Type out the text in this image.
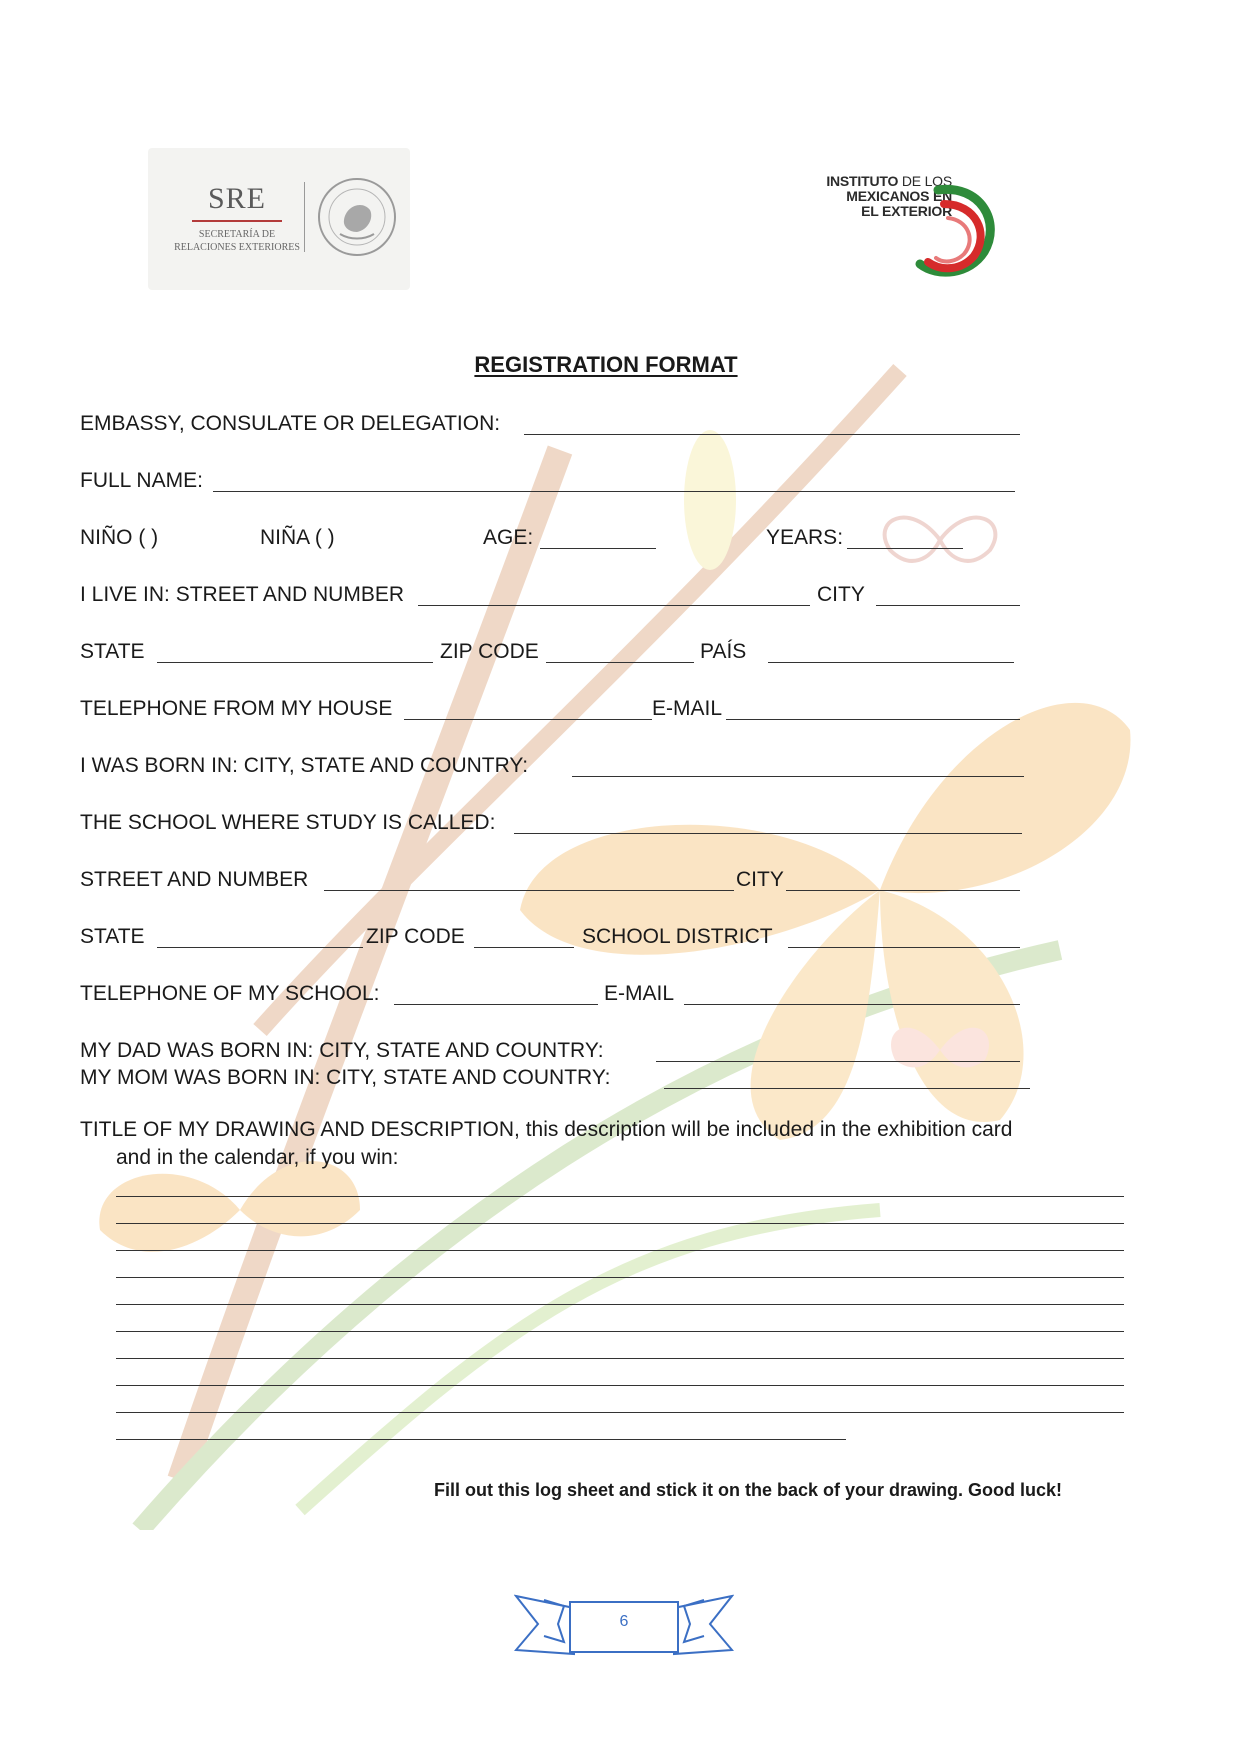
SRE
SECRETARÍA DE
RELACIONES EXTERIORES
INSTITUTO DE LOS
MEXICANOS EN
EL EXTERIOR
REGISTRATION FORMAT
EMBASSY, CONSULATE OR DELEGATION:
FULL NAME:
NIÑO ( )	NIÑA ( )	AGE:	YEARS:
I LIVE IN: STREET AND NUMBER	CITY
STATE	ZIP CODE	PAÍS
TELEPHONE FROM MY HOUSE	E-MAIL
I WAS BORN IN: CITY, STATE AND COUNTRY:
THE SCHOOL WHERE STUDY IS CALLED:
STREET AND NUMBER	CITY
STATE	ZIP CODE	SCHOOL DISTRICT
TELEPHONE OF MY SCHOOL:	E-MAIL
MY DAD WAS BORN IN: CITY, STATE AND COUNTRY:
MY MOM WAS BORN IN: CITY, STATE AND COUNTRY:
TITLE OF MY DRAWING AND DESCRIPTION, this description will be included in the exhibition card
and in the calendar, if you win:
Fill out this log sheet and stick it on the back of your drawing. Good luck!
6
